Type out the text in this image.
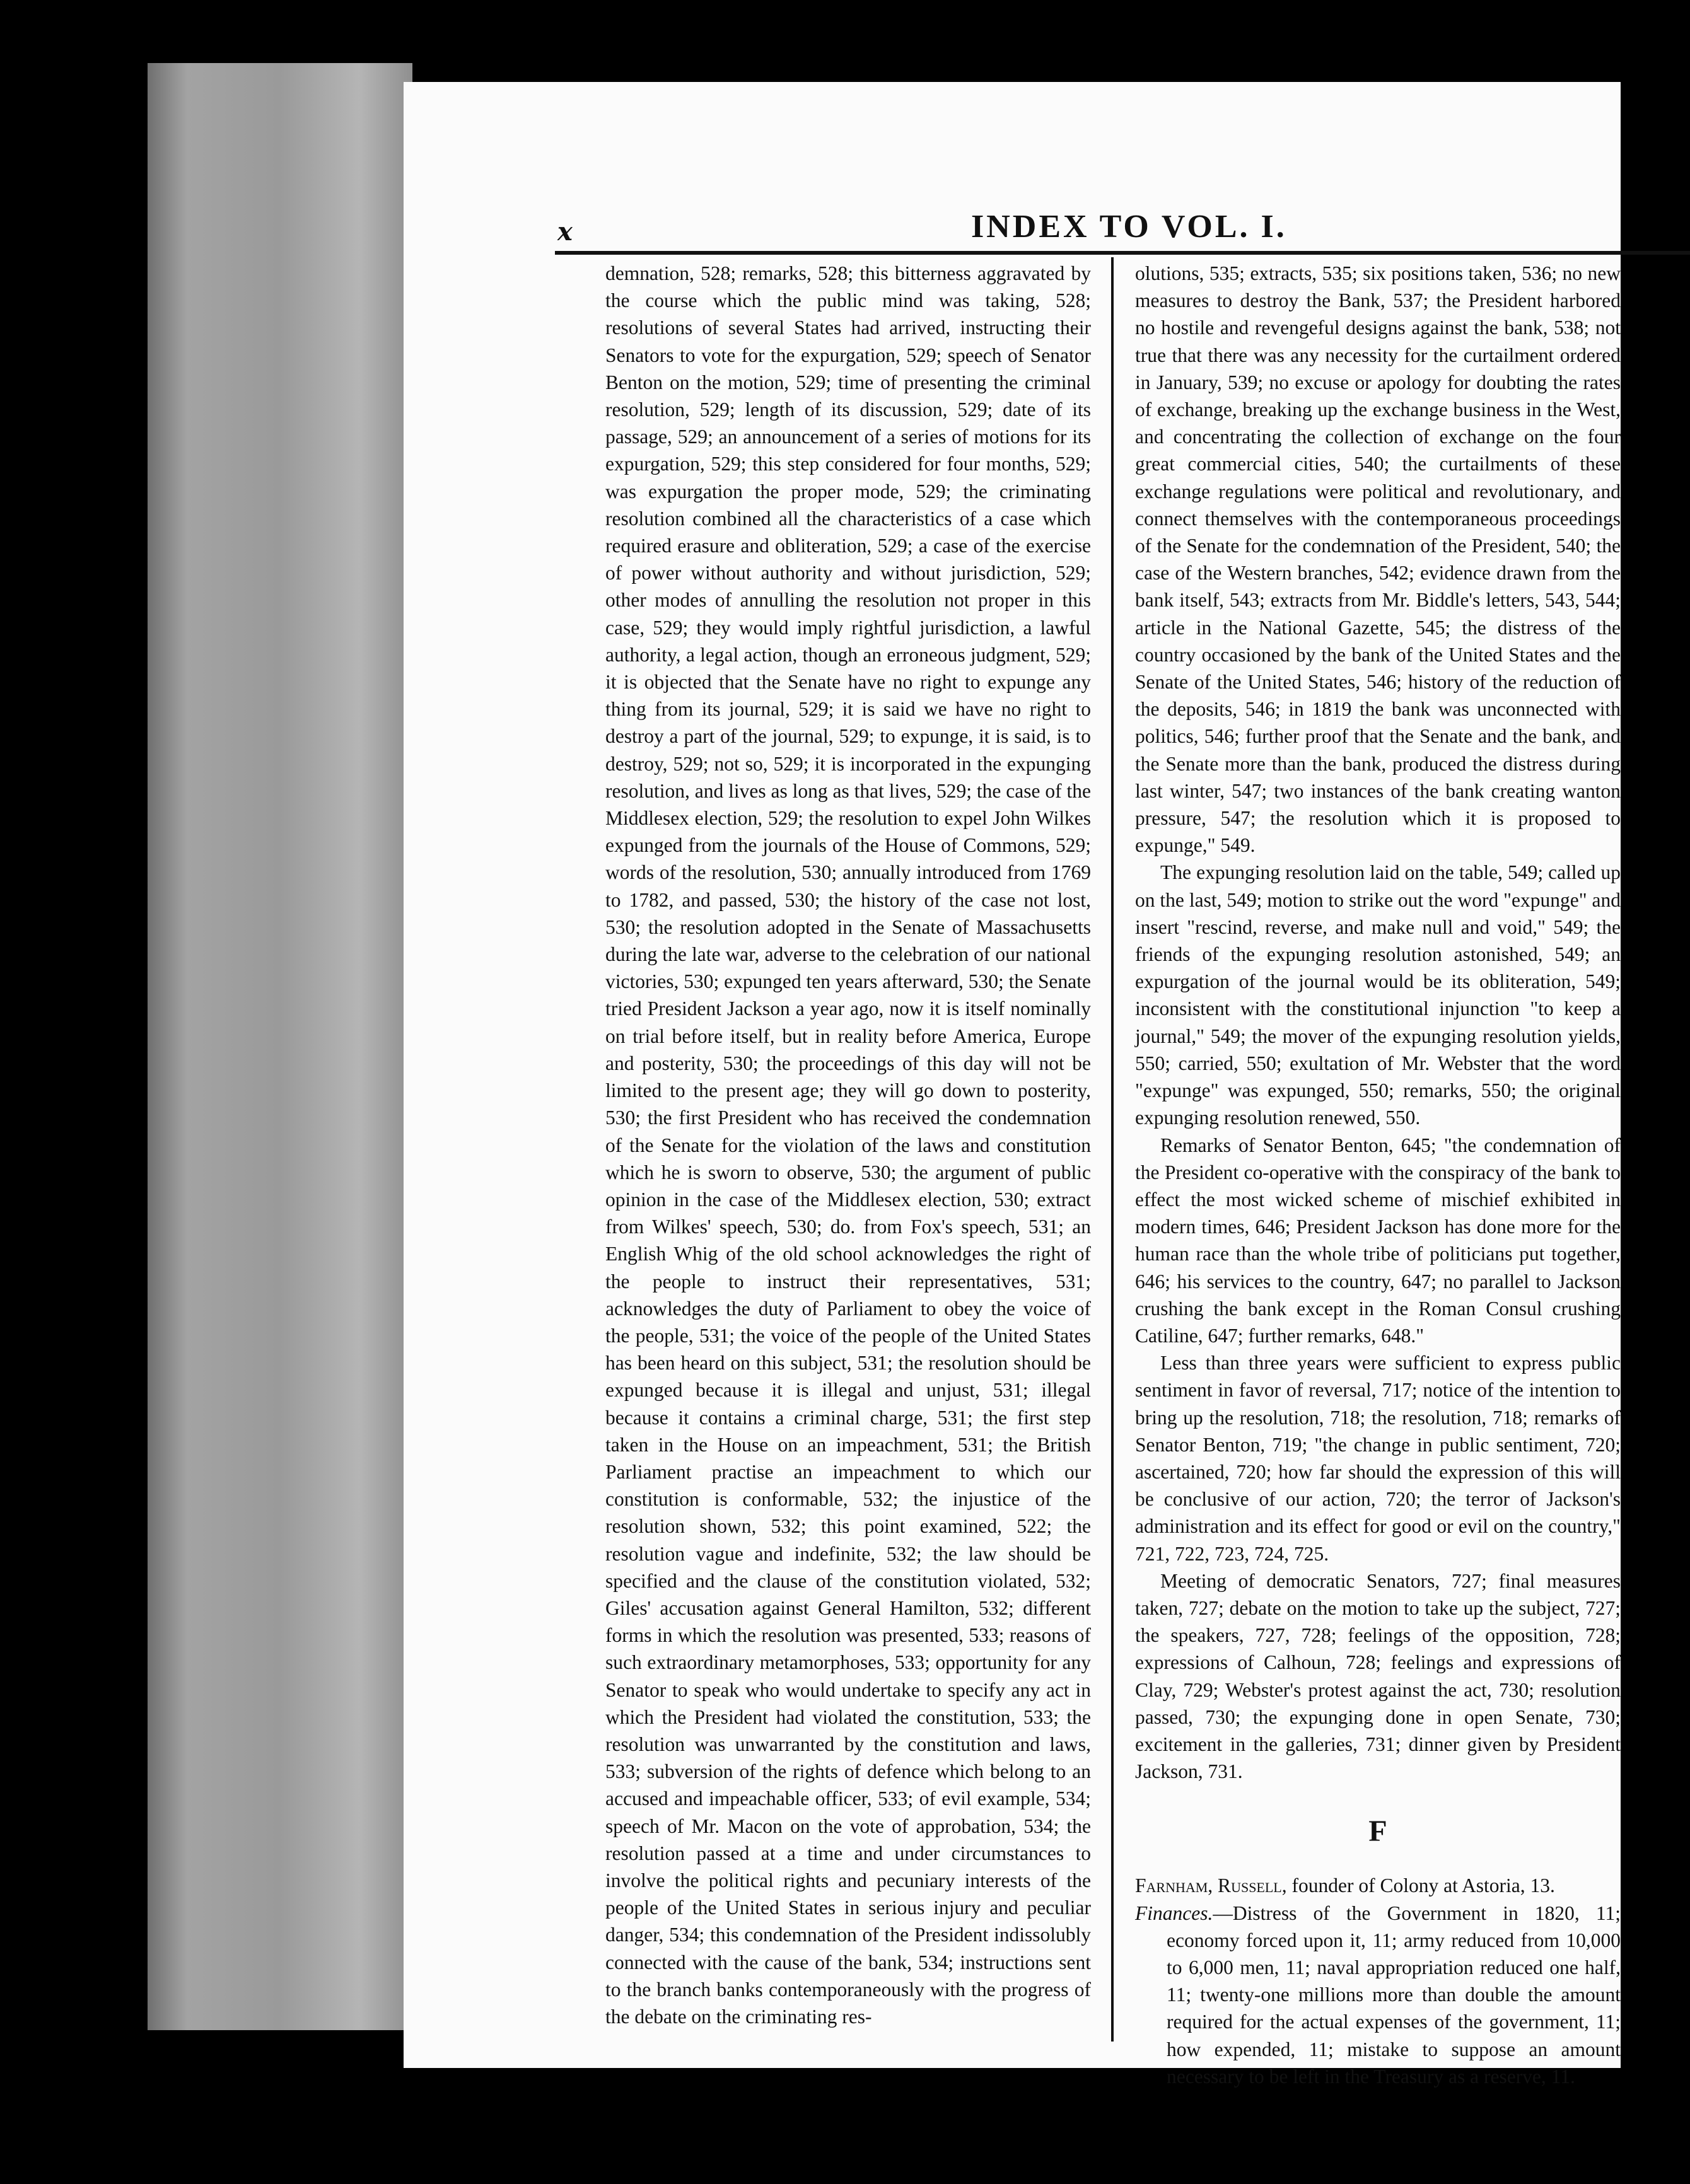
x	INDEX TO VOL. I.

demnation, 528; remarks, 528; this bitterness aggravated by the course which the public mind was taking, 528; resolutions of several States had arrived, instructing their Senators to vote for the expurgation, 529; speech of Senator Benton on the motion, 529; time of presenting the criminal resolution, 529; length of its discussion, 529; date of its passage, 529; an announcement of a series of motions for its expurgation, 529; this step considered for four months, 529; was expurgation the proper mode, 529; the criminating resolution combined all the characteristics of a case which required erasure and obliteration, 529; a case of the exercise of power without authority and without jurisdiction, 529; other modes of annulling the resolution not proper in this case, 529; they would imply rightful jurisdiction, a lawful authority, a legal action, though an erroneous judgment, 529; it is objected that the Senate have no right to expunge any thing from its journal, 529; it is said we have no right to destroy a part of the journal, 529; to expunge, it is said, is to destroy, 529; not so, 529; it is incorporated in the expunging resolution, and lives as long as that lives, 529; the case of the Middlesex election, 529; the resolution to expel John Wilkes expunged from the journals of the House of Commons, 529; words of the resolution, 530; annually introduced from 1769 to 1782, and passed, 530; the history of the case not lost, 530; the resolution adopted in the Senate of Massachusetts during the late war, adverse to the celebration of our national victories, 530; expunged ten years afterward, 530; the Senate tried President Jackson a year ago, now it is itself nominally on trial before itself, but in reality before America, Europe and posterity, 530; the proceedings of this day will not be limited to the present age; they will go down to posterity, 530; the first President who has received the condemnation of the Senate for the violation of the laws and constitution which he is sworn to observe, 530; the argument of public opinion in the case of the Middlesex election, 530; extract from Wilkes' speech, 530; do. from Fox's speech, 531; an English Whig of the old school acknowledges the right of the people to instruct their representatives, 531; acknowledges the duty of Parliament to obey the voice of the people, 531; the voice of the people of the United States has been heard on this subject, 531; the resolution should be expunged because it is illegal and unjust, 531; illegal because it contains a criminal charge, 531; the first step taken in the House on an impeachment, 531; the British Parliament practise an impeachment to which our constitution is conformable, 532; the injustice of the resolution shown, 532; this point examined, 522; the resolution vague and indefinite, 532; the law should be specified and the clause of the constitution violated, 532; Giles' accusation against General Hamilton, 532; different forms in which the resolution was presented, 533; reasons of such extraordinary metamorphoses, 533; opportunity for any Senator to speak who would undertake to specify any act in which the President had violated the constitution, 533; the resolution was unwarranted by the constitution and laws, 533; subversion of the rights of defence which belong to an accused and impeachable officer, 533; of evil example, 534; speech of Mr. Macon on the vote of approbation, 534; the resolution passed at a time and under circumstances to involve the political rights and pecuniary interests of the people of the United States in serious injury and peculiar danger, 534; this condemnation of the President indissolubly connected with the cause of the bank, 534; instructions sent to the branch banks contemporaneously with the progress of the debate on the criminating res-

olutions, 535; extracts, 535; six positions taken, 536; no new measures to destroy the Bank, 537; the President harbored no hostile and revengeful designs against the bank, 538; not true that there was any necessity for the curtailment ordered in January, 539; no excuse or apology for doubting the rates of exchange, breaking up the exchange business in the West, and concentrating the collection of exchange on the four great commercial cities, 540; the curtailments of these exchange regulations were political and revolutionary, and connect themselves with the contemporaneous proceedings of the Senate for the condemnation of the President, 540; the case of the Western branches, 542; evidence drawn from the bank itself, 543; extracts from Mr. Biddle's letters, 543, 544; article in the National Gazette, 545; the distress of the country occasioned by the bank of the United States and the Senate of the United States, 546; history of the reduction of the deposits, 546; in 1819 the bank was unconnected with politics, 546; further proof that the Senate and the bank, and the Senate more than the bank, produced the distress during last winter, 547; two instances of the bank creating wanton pressure, 547; the resolution which it is proposed to expunge," 549.

The expunging resolution laid on the table, 549; called up on the last, 549; motion to strike out the word "expunge" and insert "rescind, reverse, and make null and void," 549; the friends of the expunging resolution astonished, 549; an expurgation of the journal would be its obliteration, 549; inconsistent with the constitutional injunction "to keep a journal," 549; the mover of the expunging resolution yields, 550; carried, 550; exultation of Mr. Webster that the word "expunge" was expunged, 550; remarks, 550; the original expunging resolution renewed, 550.

Remarks of Senator Benton, 645; "the condemnation of the President co-operative with the conspiracy of the bank to effect the most wicked scheme of mischief exhibited in modern times, 646; President Jackson has done more for the human race than the whole tribe of politicians put together, 646; his services to the country, 647; no parallel to Jackson crushing the bank except in the Roman Consul crushing Catiline, 647; further remarks, 648."

Less than three years were sufficient to express public sentiment in favor of reversal, 717; notice of the intention to bring up the resolution, 718; the resolution, 718; remarks of Senator Benton, 719; "the change in public sentiment, 720; ascertained, 720; how far should the expression of this will be conclusive of our action, 720; the terror of Jackson's administration and its effect for good or evil on the country," 721, 722, 723, 724, 725.

Meeting of democratic Senators, 727; final measures taken, 727; debate on the motion to take up the subject, 727; the speakers, 727, 728; feelings of the opposition, 728; expressions of Calhoun, 728; feelings and expressions of Clay, 729; Webster's protest against the act, 730; resolution passed, 730; the expunging done in open Senate, 730; excitement in the galleries, 731; dinner given by President Jackson, 731.

F

Farnham, Russell, founder of Colony at Astoria, 13.

Finances.—Distress of the Government in 1820, 11; economy forced upon it, 11; army reduced from 10,000 to 6,000 men, 11; naval appropriation reduced one half, 11; twenty-one millions more than double the amount required for the actual expenses of the government, 11; how expended, 11; mistake to suppose an amount necessary to be left in the Treasury as a reserve, 11.
